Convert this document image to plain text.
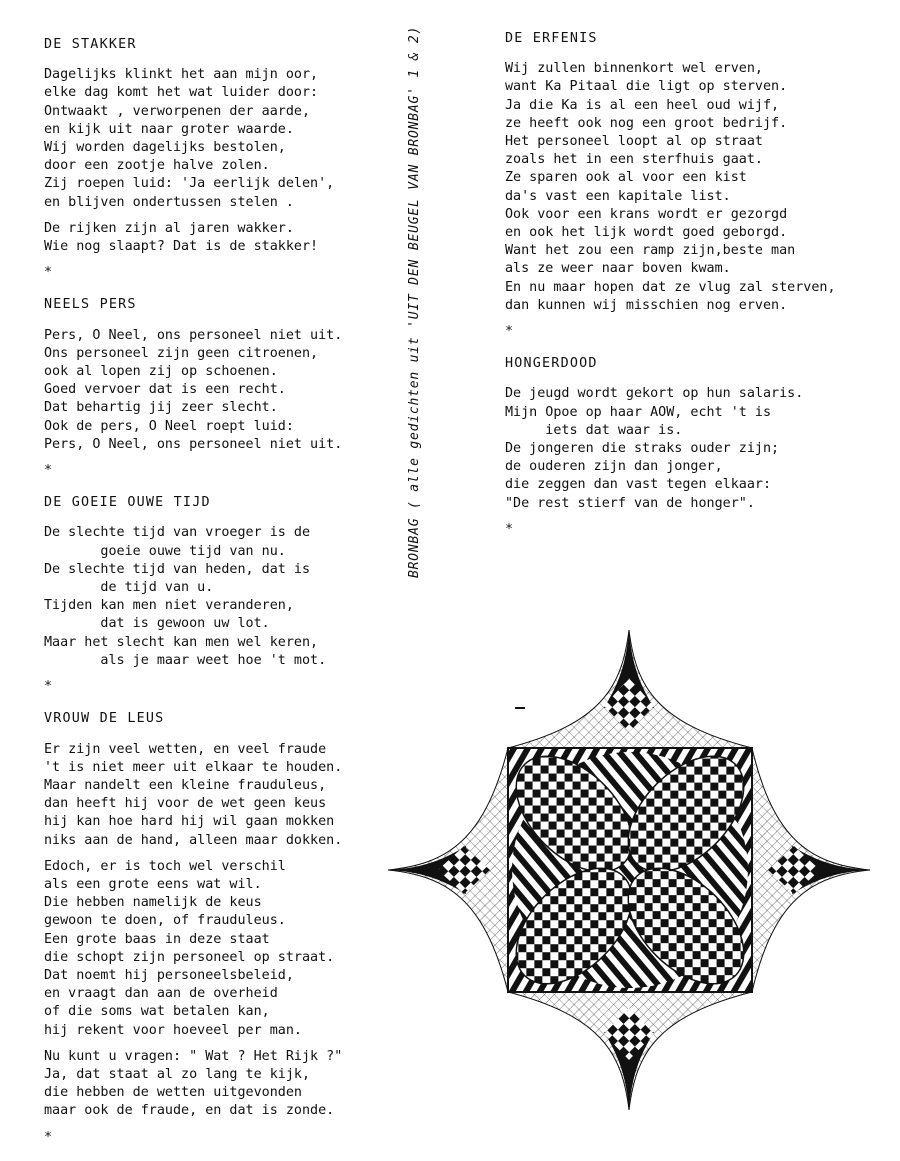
DE STAKKER
Dagelijks klinkt het aan mijn oor,
elke dag komt het wat luider door:
Ontwaakt , verworpenen der aarde,
en kijk uit naar groter waarde.
Wij worden dagelijks bestolen,
door een zootje halve zolen.
Zij roepen luid: 'Ja eerlijk delen',
en blijven ondertussen stelen .
De rijken zijn al jaren wakker.
Wie nog slaapt? Dat is de stakker!
*
NEELS PERS
Pers, O Neel, ons personeel niet uit.
Ons personeel zijn geen citroenen,
ook al lopen zij op schoenen.
Goed vervoer dat is een recht.
Dat behartig jij zeer slecht.
Ook de pers, O Neel roept luid:
Pers, O Neel, ons personeel niet uit.
*
DE GOEIE OUWE TIJD
De slechte tijd van vroeger is de
goeie ouwe tijd van nu.
De slechte tijd van heden, dat is
de tijd van u.
Tijden kan men niet veranderen,
dat is gewoon uw lot.
Maar het slecht kan men wel keren,
als je maar weet hoe 't mot.
*
VROUW DE LEUS
Er zijn veel wetten, en veel fraude
't is niet meer uit elkaar te houden.
Maar nandelt een kleine frauduleus,
dan heeft hij voor de wet geen keus
hij kan hoe hard hij wil gaan mokken
niks aan de hand, alleen maar dokken.
Edoch, er is toch wel verschil
als een grote eens wat wil.
Die hebben namelijk de keus
gewoon te doen, of frauduleus.
Een grote baas in deze staat
die schopt zijn personeel op straat.
Dat noemt hij personeelsbeleid,
en vraagt dan aan de overheid
of die soms wat betalen kan,
hij rekent voor hoeveel per man.
Nu kunt u vragen: " Wat ? Het Rijk ?"
Ja, dat staat al zo lang te kijk,
die hebben de wetten uitgevonden
maar ook de fraude, en dat is zonde.
*
DE ERFENIS
Wij zullen binnenkort wel erven,
want Ka Pitaal die ligt op sterven.
Ja die Ka is al een heel oud wijf,
ze heeft ook nog een groot bedrijf.
Het personeel loopt al op straat
zoals het in een sterfhuis gaat.
Ze sparen ook al voor een kist
da's vast een kapitale list.
Ook voor een krans wordt er gezorgd
en ook het lijk wordt goed geborgd.
Want het zou een ramp zijn,beste man
als ze weer naar boven kwam.
En nu maar hopen dat ze vlug zal sterven,
dan kunnen wij misschien nog erven.
*
HONGERDOOD
De jeugd wordt gekort op hun salaris.
Mijn Opoe op haar AOW, echt 't is
iets dat waar is.
De jongeren die straks ouder zijn;
de ouderen zijn dan jonger,
die zeggen dan vast tegen elkaar:
"De rest stierf van de honger".
*
BRONBAG ( alle gedichten uit 'UIT DEN BEUGEL VAN BRONBAG' 1 & 2)
